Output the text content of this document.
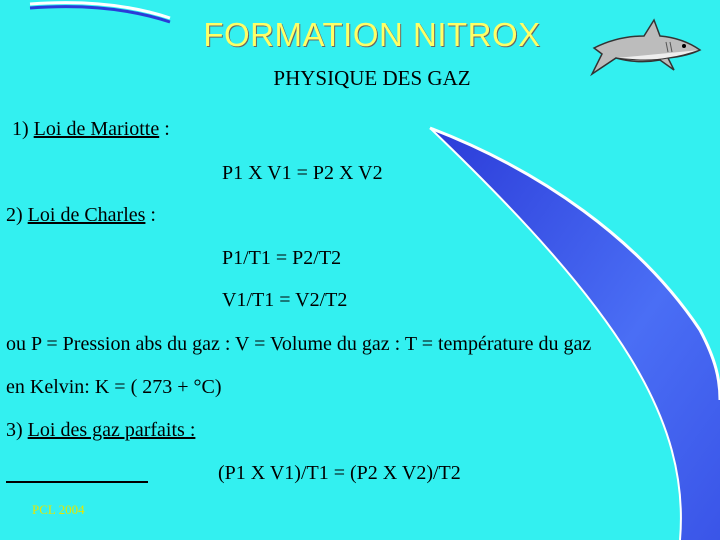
FORMATION NITROX
PHYSIQUE DES GAZ
1) Loi de Mariotte :
P1 X V1 = P2 X V2
2) Loi de Charles :
P1/T1 = P2/T2
V1/T1 = V2/T2
ou P = Pression abs du gaz : V = Volume du gaz : T = température du gaz
en Kelvin: K = ( 273 + °C)
3) Loi des gaz parfaits :
(P1 X V1)/T1 = (P2 X V2)/T2
PCL 2004
